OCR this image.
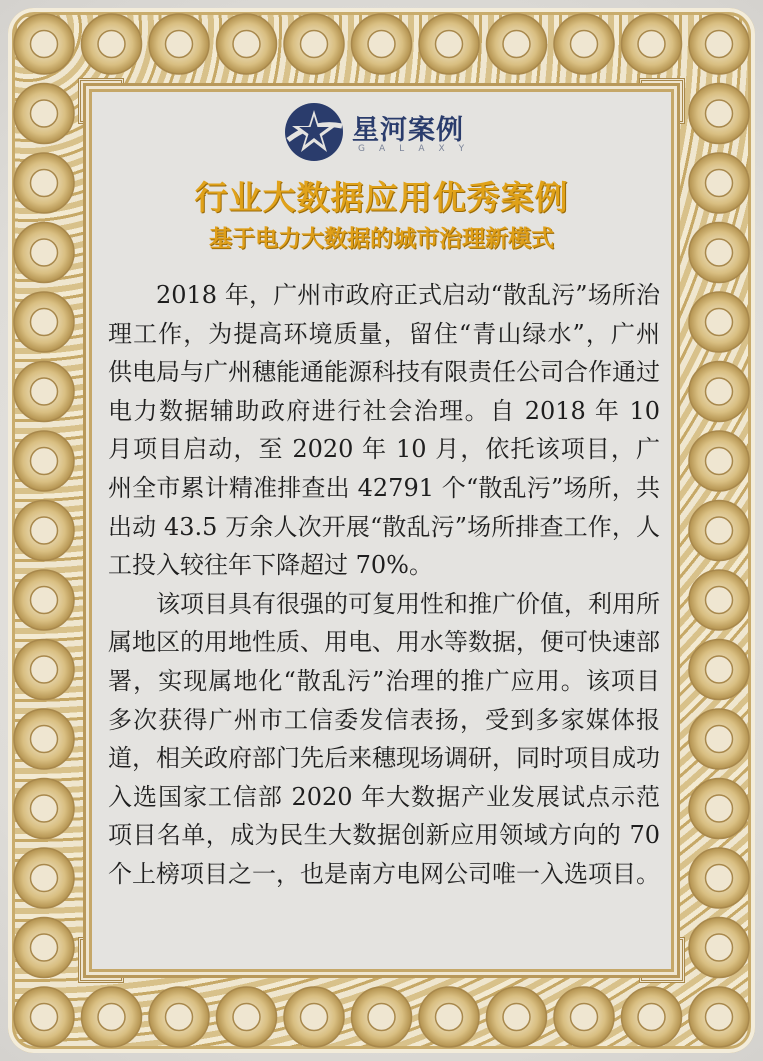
星河案例
GALAXY
行业大数据应用优秀案例
基于电力大数据的城市治理新模式

2018 年，广州市政府正式启动“散乱污”场所治理工作，为提高环境质量，留住“青山绿水”，广州供电局与广州穗能通能源科技有限责任公司合作通过电力数据辅助政府进行社会治理。自 2018 年 10 月项目启动，至 2020 年 10 月，依托该项目，广州全市累计精准排查出 42791 个“散乱污”场所，共出动 43.5 万余人次开展“散乱污”场所排查工作，人工投入较往年下降超过 70%。

该项目具有很强的可复用性和推广价值，利用所属地区的用地性质、用电、用水等数据，便可快速部署，实现属地化“散乱污”治理的推广应用。该项目多次获得广州市工信委发信表扬，受到多家媒体报道，相关政府部门先后来穗现场调研，同时项目成功入选国家工信部 2020 年大数据产业发展试点示范项目名单，成为民生大数据创新应用领域方向的 70 个上榜项目之一，也是南方电网公司唯一入选项目。
